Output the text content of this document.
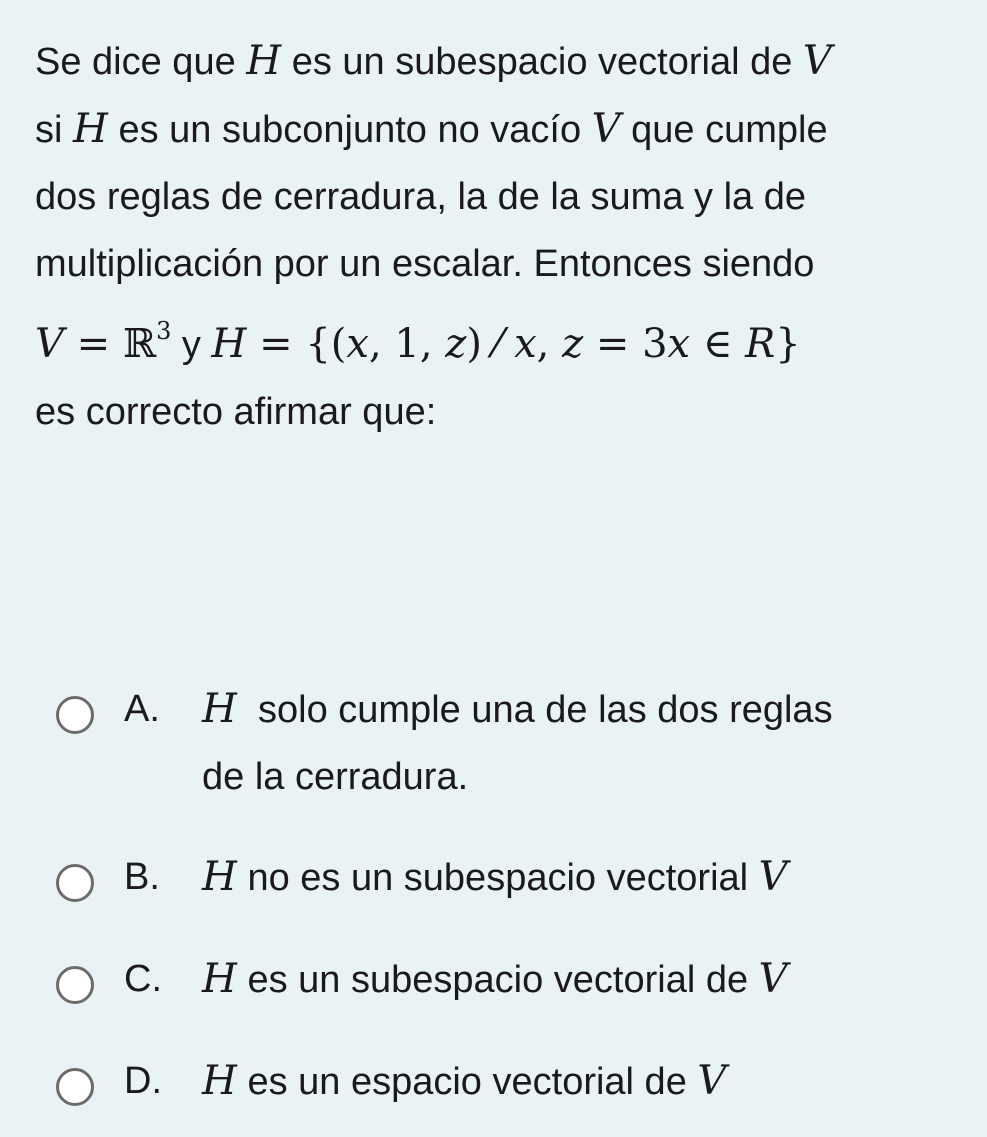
Se dice que H es un subespacio vectorial de V
si H es un subconjunto no vacío V que cumple
dos reglas de cerradura, la de la suma y la de
multiplicación por un escalar. Entonces siendo
V = ℝ$^3$ y H = {(x, 1, z) ⁄ x, z = 3x ∈ R}
es correcto afirmar que:
A. H  solo cumple una de las dos reglas
de la cerradura.
B. H no es un subespacio vectorial V
C. H es un subespacio vectorial de V
D. H es un espacio vectorial de V
